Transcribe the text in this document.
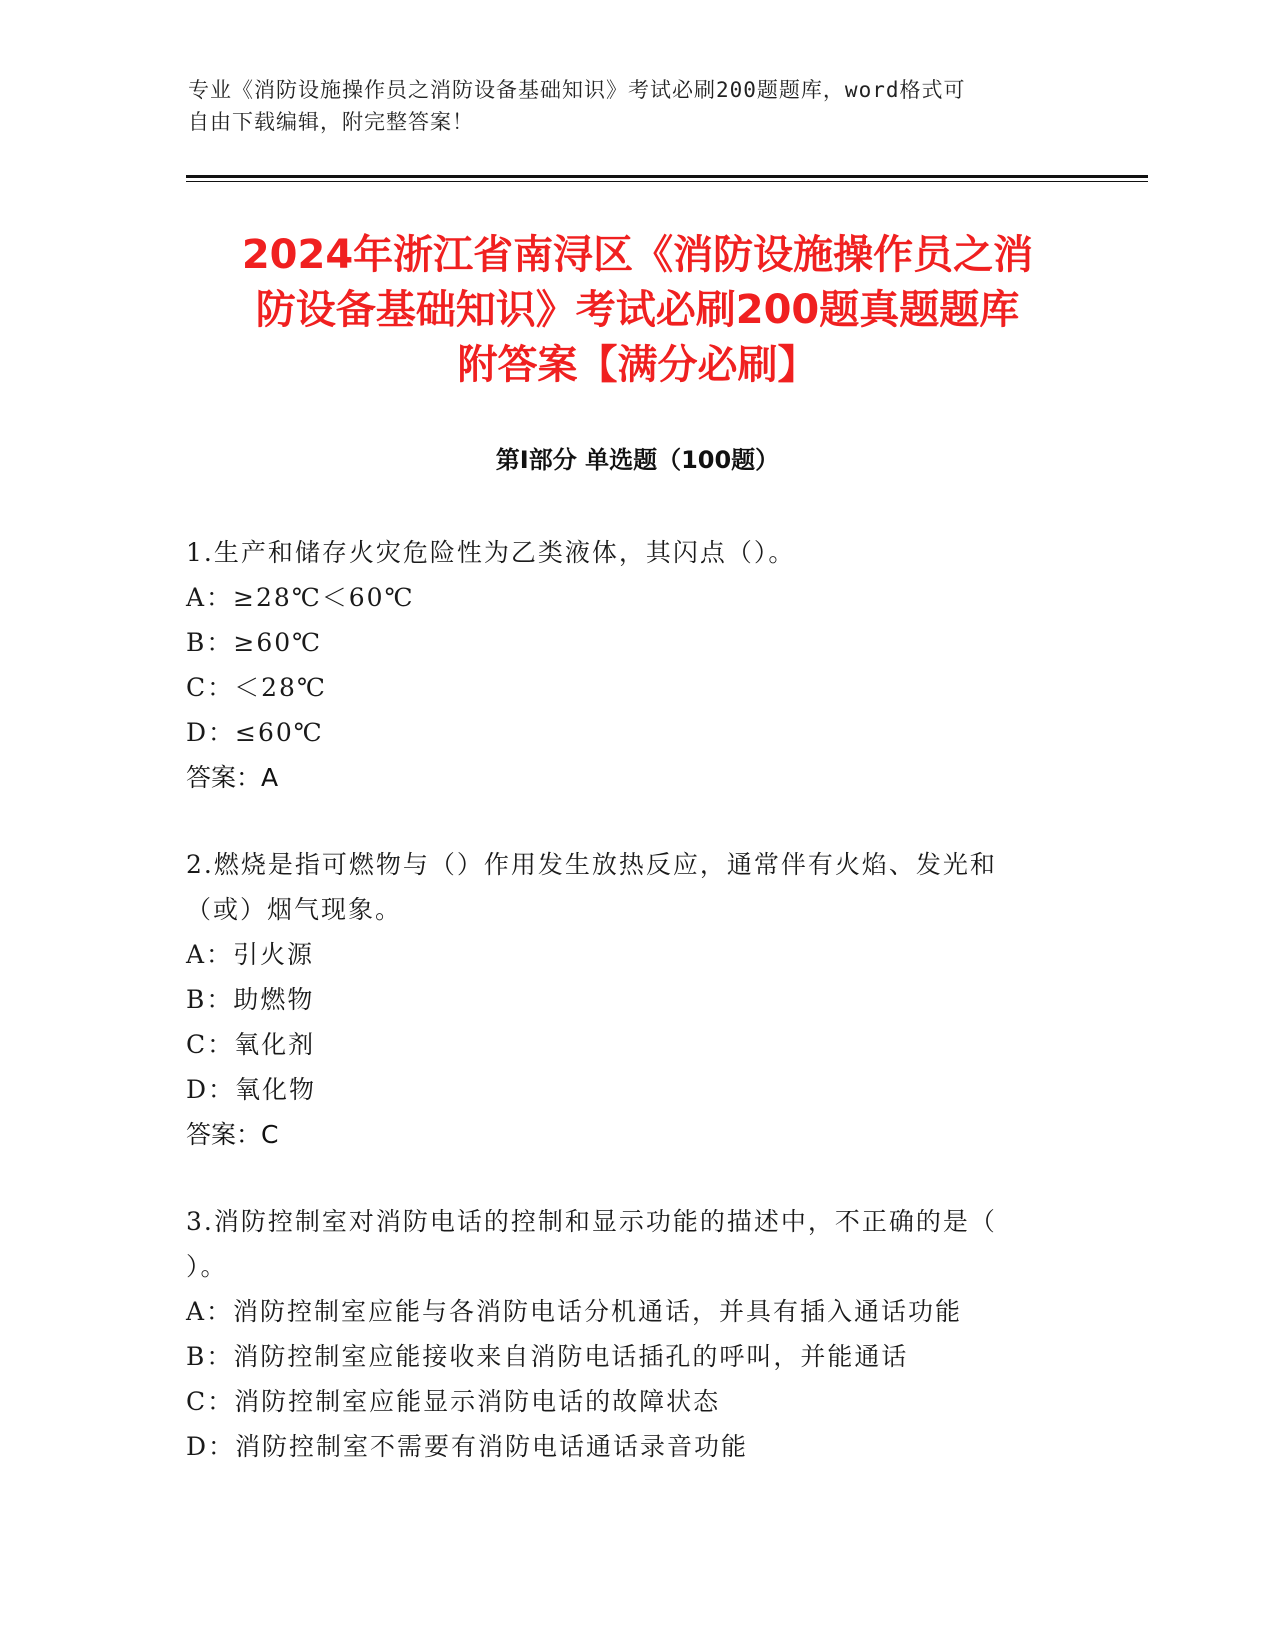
专业《消防设施操作员之消防设备基础知识》考试必刷200题题库，word格式可
自由下载编辑，附完整答案！
2024年浙江省南浔区《消防设施操作员之消
防设备基础知识》考试必刷200题真题题库
附答案【满分必刷】
第Ⅰ部分 单选题（100题）
1.生产和储存火灾危险性为乙类液体，其闪点（）。
A：≥28℃＜60℃
B：≥60℃
C：＜28℃
D：≤60℃
答案：A
2.燃烧是指可燃物与（）作用发生放热反应，通常伴有火焰、发光和
（或）烟气现象。
A：引火源
B：助燃物
C：氧化剂
D：氧化物
答案：C
3.消防控制室对消防电话的控制和显示功能的描述中，不正确的是（
）。
A：消防控制室应能与各消防电话分机通话，并具有插入通话功能
B：消防控制室应能接收来自消防电话插孔的呼叫，并能通话
C：消防控制室应能显示消防电话的故障状态
D：消防控制室不需要有消防电话通话录音功能
